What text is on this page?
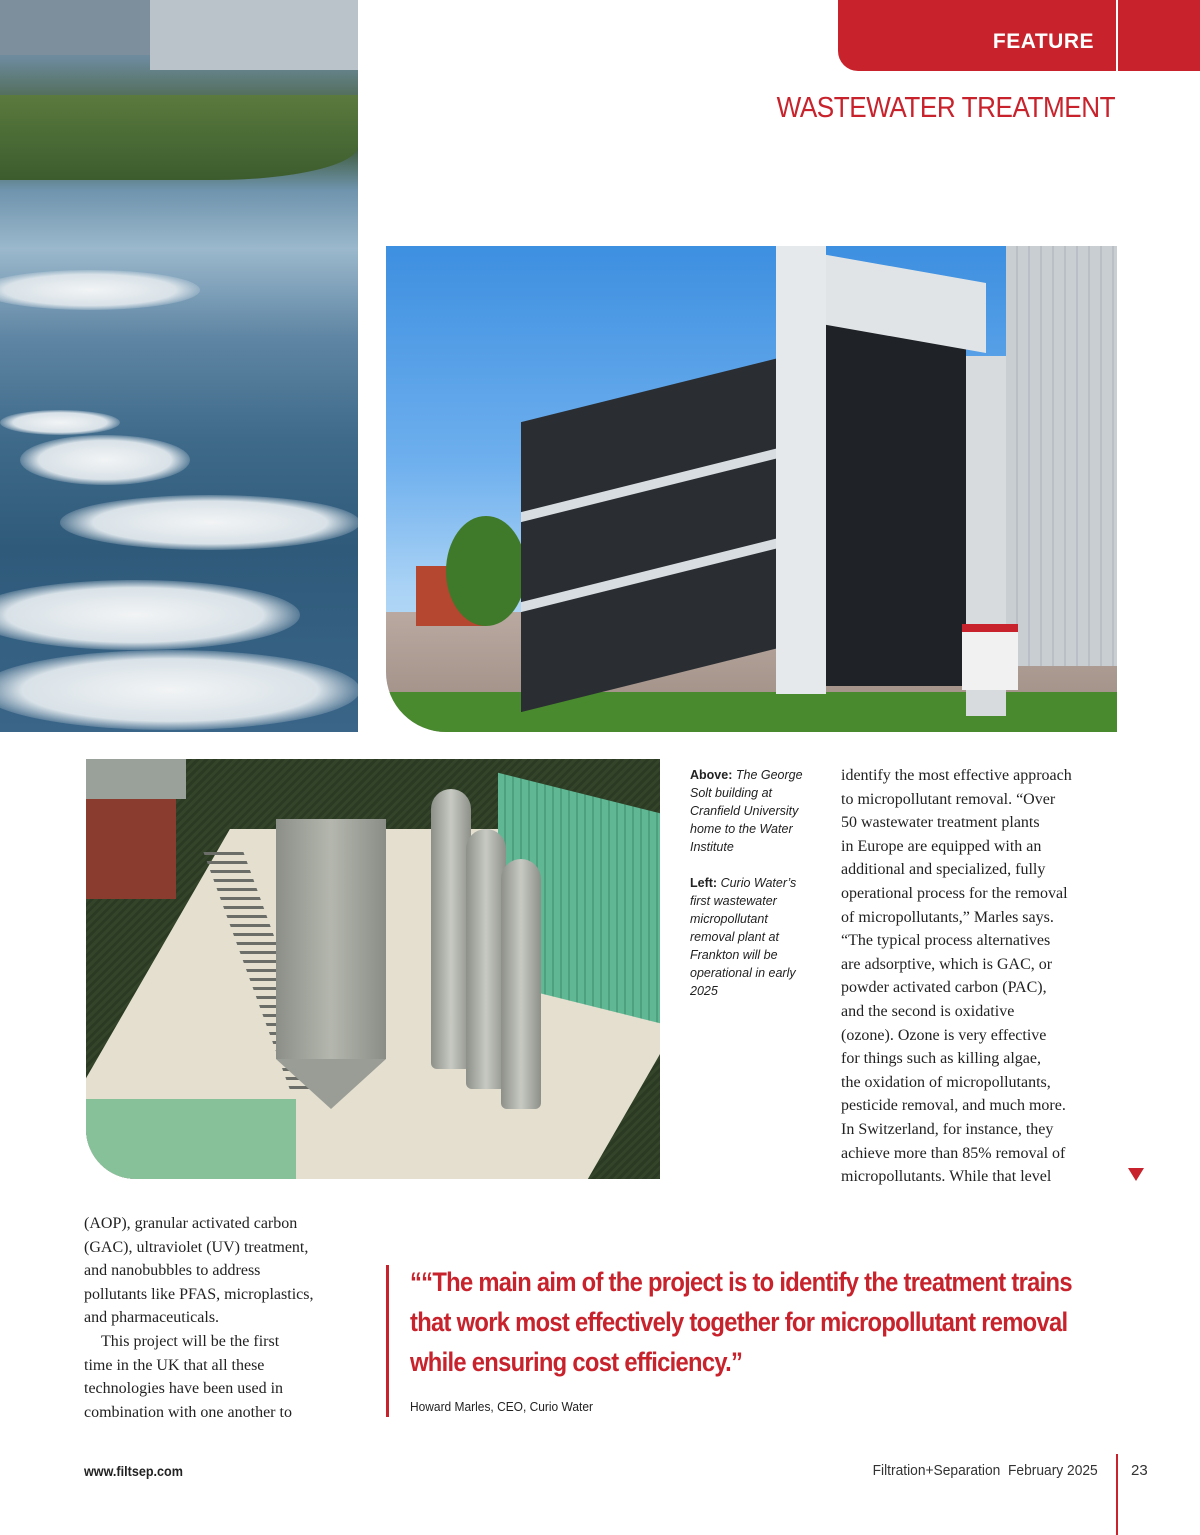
FEATURE
WASTEWATER TREATMENT

Above: The George Solt building at Cranfield University home to the Water Institute

Left: Curio Water’s first wastewater micropollutant removal plant at Frankton will be operational in early 2025

identify the most effective approach

to micropollutant removal. “Over

50 wastewater treatment plants

in Europe are equipped with an

additional and specialized, fully

operational process for the removal

of micropollutants,” Marles says.

“The typical process alternatives

are adsorptive, which is GAC, or

powder activated carbon (PAC),

and the second is oxidative

(ozone). Ozone is very effective

for things such as killing algae,

the oxidation of micropollutants,

pesticide removal, and much more.

In Switzerland, for instance, they

achieve more than 85% removal of

micropollutants. While that level

(AOP), granular activated carbon

(GAC), ultraviolet (UV) treatment,

and nanobubbles to address

pollutants like PFAS, microplastics,

and pharmaceuticals.

This project will be the first

time in the UK that all these

technologies have been used in

combination with one another to

““The main aim of the project is to identify the treatment trains

that work most effectively together for micropollutant removal

while ensuring cost efficiency.”

Howard Marles, CEO, Curio Water
www.filtsep.com	Filtration+Separation  February 2025 23
